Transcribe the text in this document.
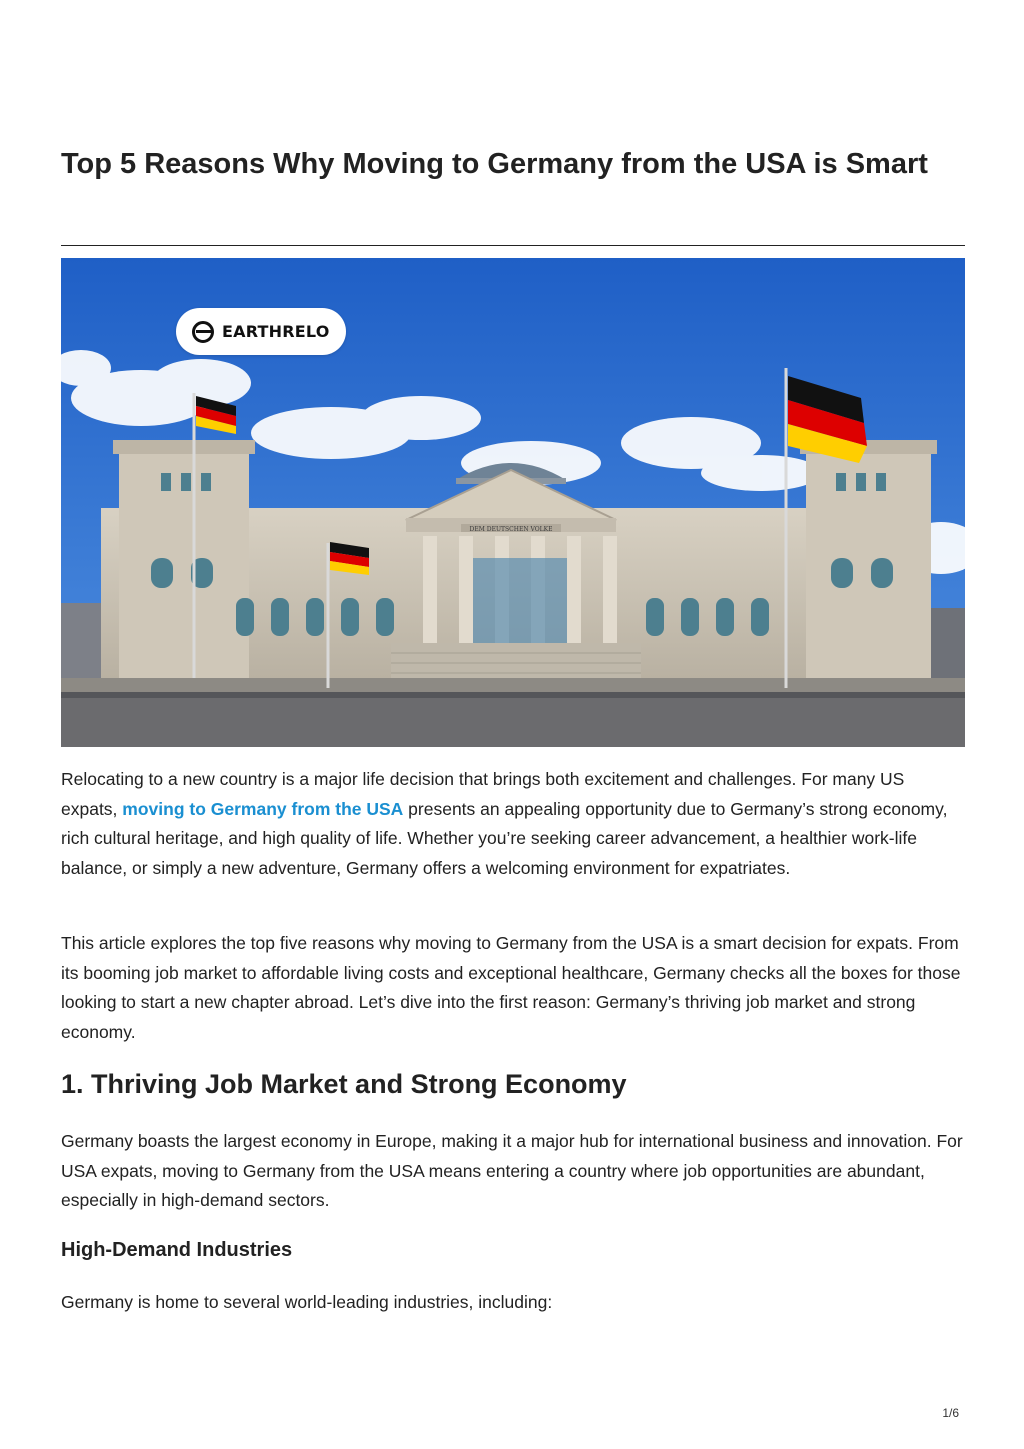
Top 5 Reasons Why Moving to Germany from the USA is Smart
DEM DEUTSCHEN VOLKE
EARTHRELO

Relocating to a new country is a major life decision that brings both excitement and challenges. For many US expats, moving to Germany from the USA presents an appealing opportunity due to Germany’s strong economy, rich cultural heritage, and high quality of life. Whether you’re seeking career advancement, a healthier work-life balance, or simply a new adventure, Germany offers a welcoming environment for expatriates.

This article explores the top five reasons why moving to Germany from the USA is a smart decision for expats. From its booming job market to affordable living costs and exceptional healthcare, Germany checks all the boxes for those looking to start a new chapter abroad. Let’s dive into the first reason: Germany’s thriving job market and strong economy.

1. Thriving Job Market and Strong Economy

Germany boasts the largest economy in Europe, making it a major hub for international business and innovation. For USA expats, moving to Germany from the USA means entering a country where job opportunities are abundant, especially in high-demand sectors.

High-Demand Industries

Germany is home to several world-leading industries, including:

1/6
